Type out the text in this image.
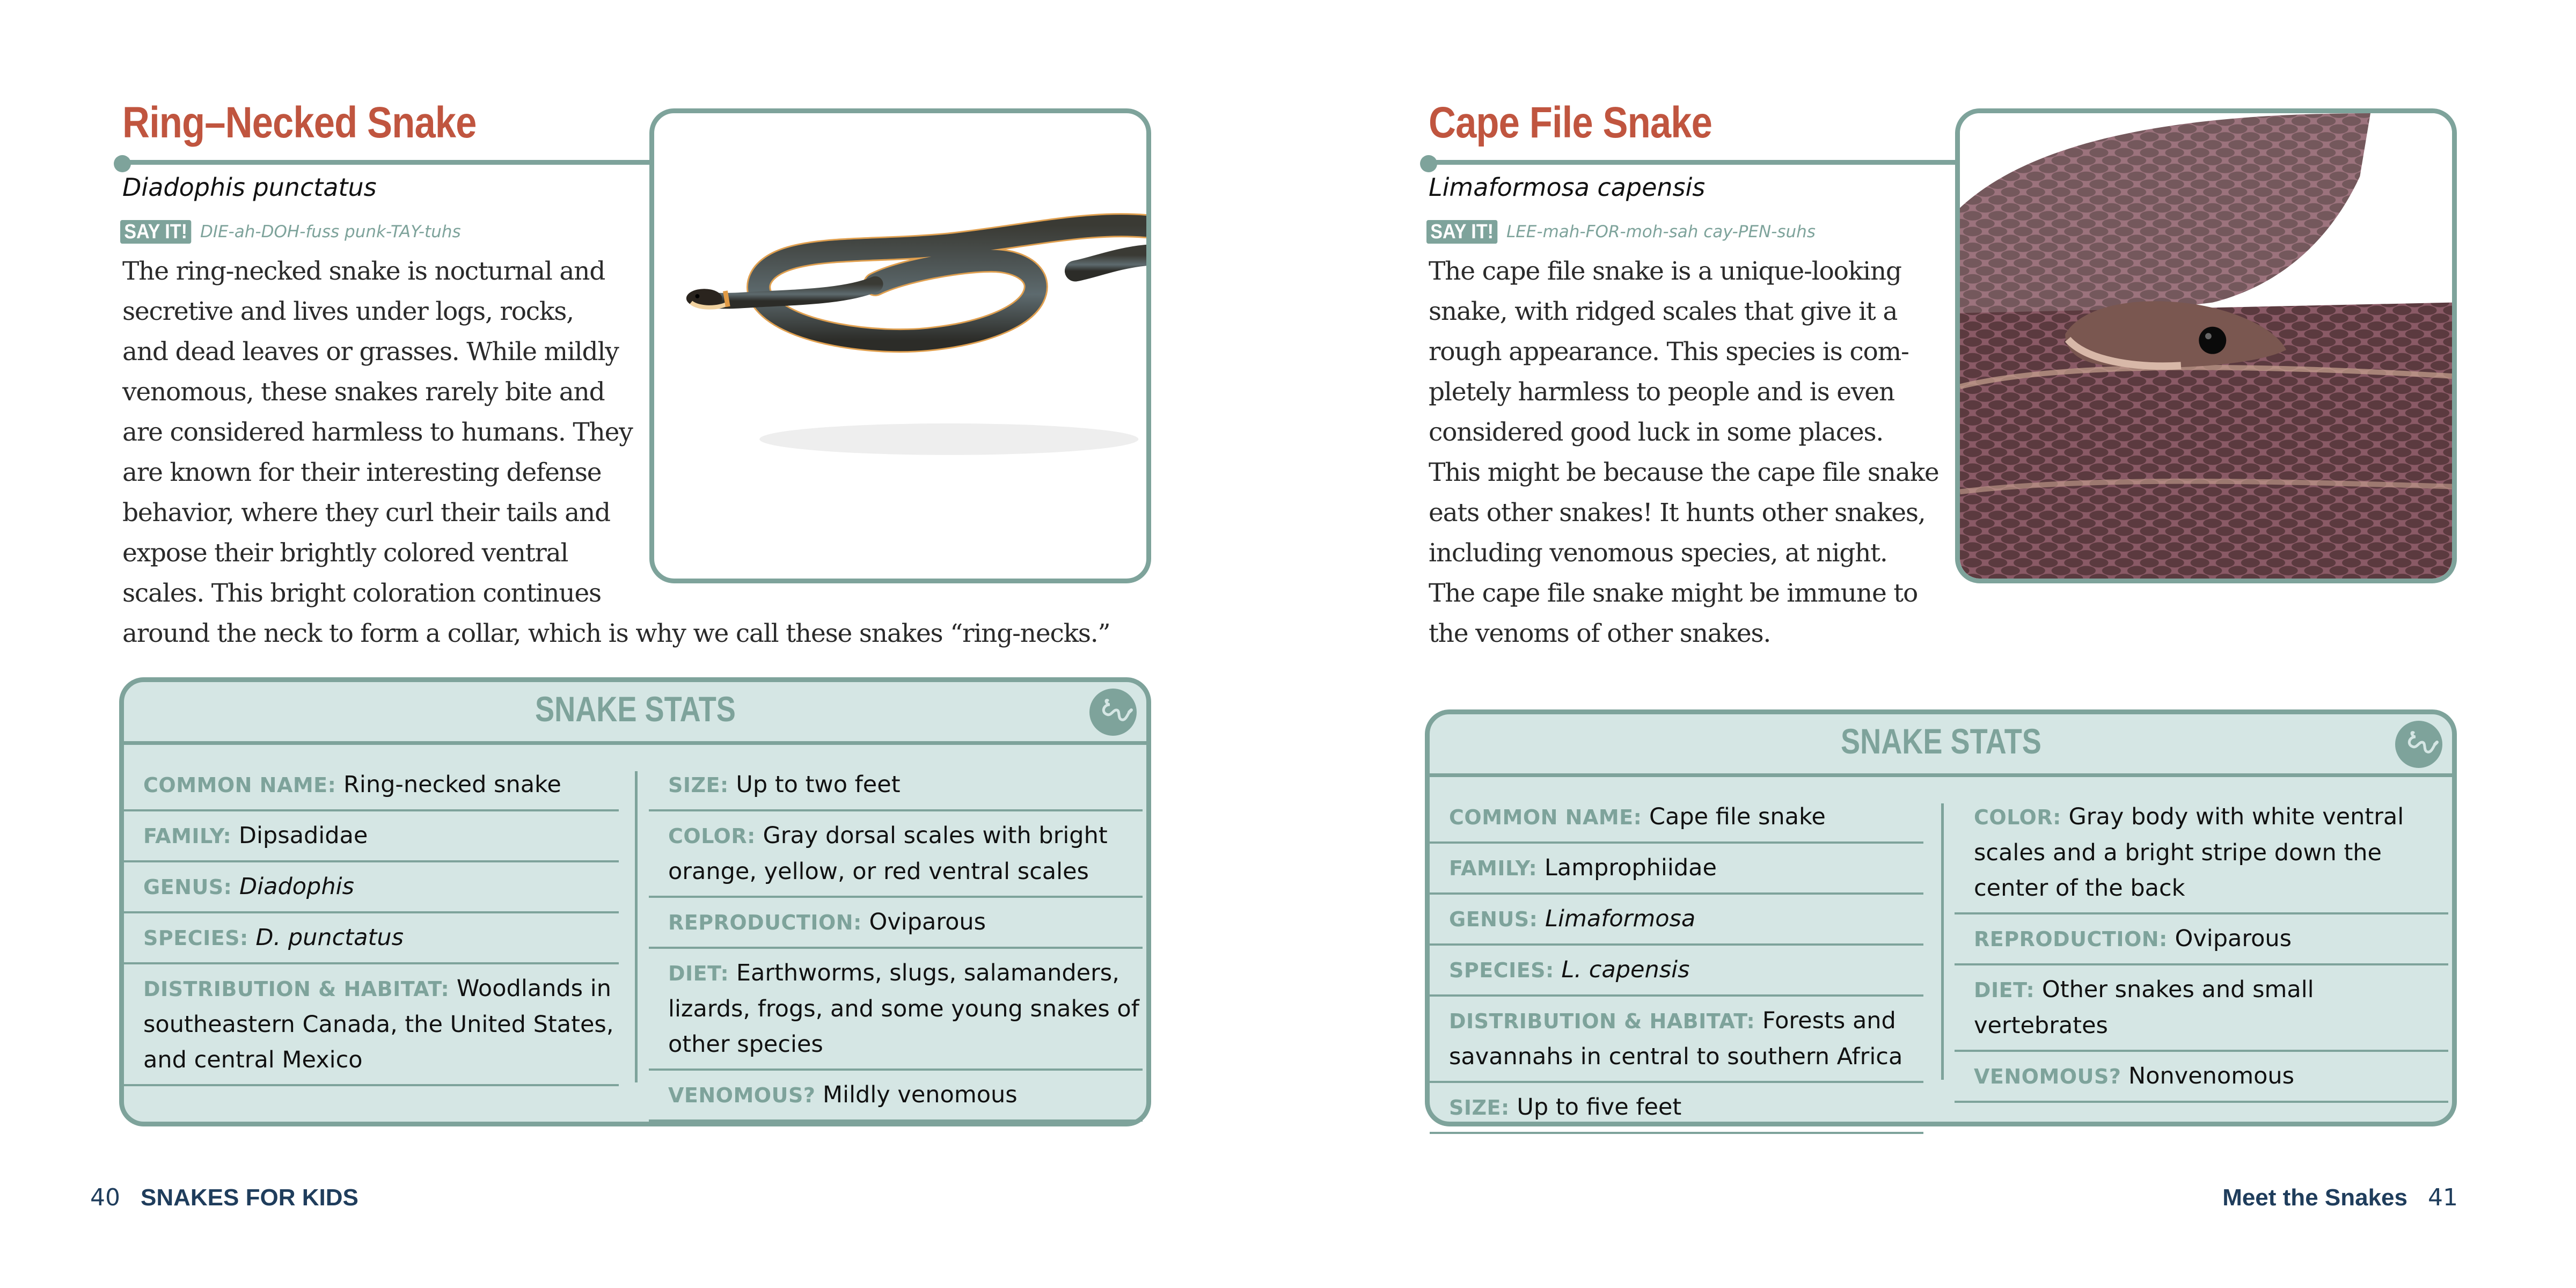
Ring–Necked Snake

Diadophis punctatus

SAY IT! DIE-ah-DOH-fuss punk-TAY-tuhs
The ring-necked snake is nocturnal and
secretive and lives under logs, rocks,
and dead leaves or grasses. While mildly
venomous, these snakes rarely bite and
are considered harmless to humans. They
are known for their interesting defense
behavior, where they curl their tails and
expose their brightly colored ventral
scales. This bright coloration continues
around the neck to form a collar, which is why we call these snakes “ring-necks.”
SNAKE STATS
COMMON NAME: Ring-necked snake
FAMILY: Dipsadidae
GENUS: Diadophis
SPECIES: D. punctatus
DISTRIBUTION & HABITAT: Woodlands in southeastern Canada, the United States, and central Mexico
SIZE: Up to two feet
COLOR: Gray dorsal scales with bright orange, yellow, or red ventral scales
REPRODUCTION: Oviparous
DIET: Earthworms, slugs, salamanders, lizards, frogs, and some young snakes of other species
VENOMOUS? Mildly venomous
40 SNAKES FOR KIDS
Cape File Snake

Limaformosa capensis

SAY IT! LEE-mah-FOR-moh-sah cay-PEN-suhs
The cape file snake is a unique-looking
snake, with ridged scales that give it a
rough appearance. This species is com-
pletely harmless to people and is even
considered good luck in some places.
This might be because the cape file snake
eats other snakes! It hunts other snakes,
including venomous species, at night.
The cape file snake might be immune to
the venoms of other snakes.
SNAKE STATS
COMMON NAME: Cape file snake
FAMILY: Lamprophiidae
GENUS: Limaformosa
SPECIES: L. capensis
DISTRIBUTION & HABITAT: Forests and savannahs in central to southern Africa
SIZE: Up to five feet
COLOR: Gray body with white ventral scales and a bright stripe down the center of the back
REPRODUCTION: Oviparous
DIET: Other snakes and small vertebrates
VENOMOUS? Nonvenomous
Meet the Snakes 41
